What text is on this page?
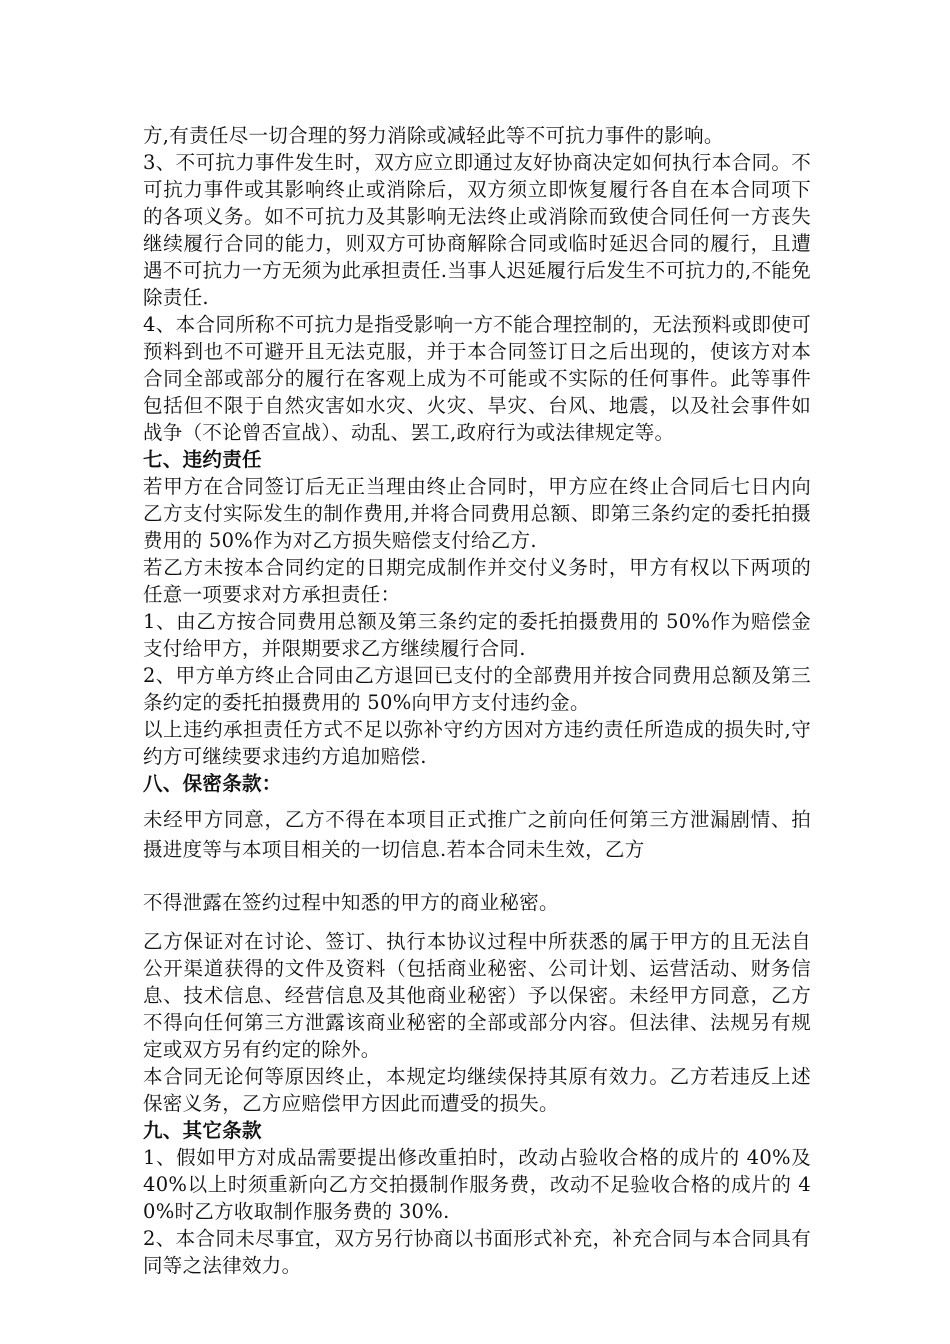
方,有责任尽一切合理的努力消除或减轻此等不可抗力事件的影响。

3、不可抗力事件发生时，双方应立即通过友好协商决定如何执行本合同。不可抗力事件或其影响终止或消除后，双方须立即恢复履行各自在本合同项下的各项义务。如不可抗力及其影响无法终止或消除而致使合同任何一方丧失继续履行合同的能力，则双方可协商解除合同或临时延迟合同的履行，且遭遇不可抗力一方无须为此承担责任.当事人迟延履行后发生不可抗力的,不能免除责任.

4、本合同所称不可抗力是指受影响一方不能合理控制的，无法预料或即使可预料到也不可避开且无法克服，并于本合同签订日之后出现的，使该方对本合同全部或部分的履行在客观上成为不可能或不实际的任何事件。此等事件包括但不限于自然灾害如水灾、火灾、旱灾、台风、地震，以及社会事件如战争（不论曾否宣战）、动乱、罢工,政府行为或法律规定等。

七、违约责任

若甲方在合同签订后无正当理由终止合同时，甲方应在终止合同后七日内向乙方支付实际发生的制作费用,并将合同费用总额、即第三条约定的委托拍摄费用的 50%作为对乙方损失赔偿支付给乙方.

若乙方未按本合同约定的日期完成制作并交付义务时，甲方有权以下两项的任意一项要求对方承担责任：

1、由乙方按合同费用总额及第三条约定的委托拍摄费用的 50%作为赔偿金支付给甲方，并限期要求乙方继续履行合同.

2、甲方单方终止合同由乙方退回已支付的全部费用并按合同费用总额及第三条约定的委托拍摄费用的 50%向甲方支付违约金。

以上违约承担责任方式不足以弥补守约方因对方违约责任所造成的损失时,守约方可继续要求违约方追加赔偿.

八、保密条款：

未经甲方同意，乙方不得在本项目正式推广之前向任何第三方泄漏剧情、拍摄进度等与本项目相关的一切信息.若本合同未生效，乙方

不得泄露在签约过程中知悉的甲方的商业秘密。

乙方保证对在讨论、签订、执行本协议过程中所获悉的属于甲方的且无法自公开渠道获得的文件及资料（包括商业秘密、公司计划、运营活动、财务信息、技术信息、经营信息及其他商业秘密）予以保密。未经甲方同意，乙方不得向任何第三方泄露该商业秘密的全部或部分内容。但法律、法规另有规定或双方另有约定的除外。

本合同无论何等原因终止，本规定均继续保持其原有效力。乙方若违反上述保密义务，乙方应赔偿甲方因此而遭受的损失。

九、其它条款

1、假如甲方对成品需要提出修改重拍时，改动占验收合格的成片的 40%及 40%以上时须重新向乙方交拍摄制作服务费，改动不足验收合格的成片的 40%时乙方收取制作服务费的 30%.

2、本合同未尽事宜，双方另行协商以书面形式补充，补充合同与本合同具有同等之法律效力。
